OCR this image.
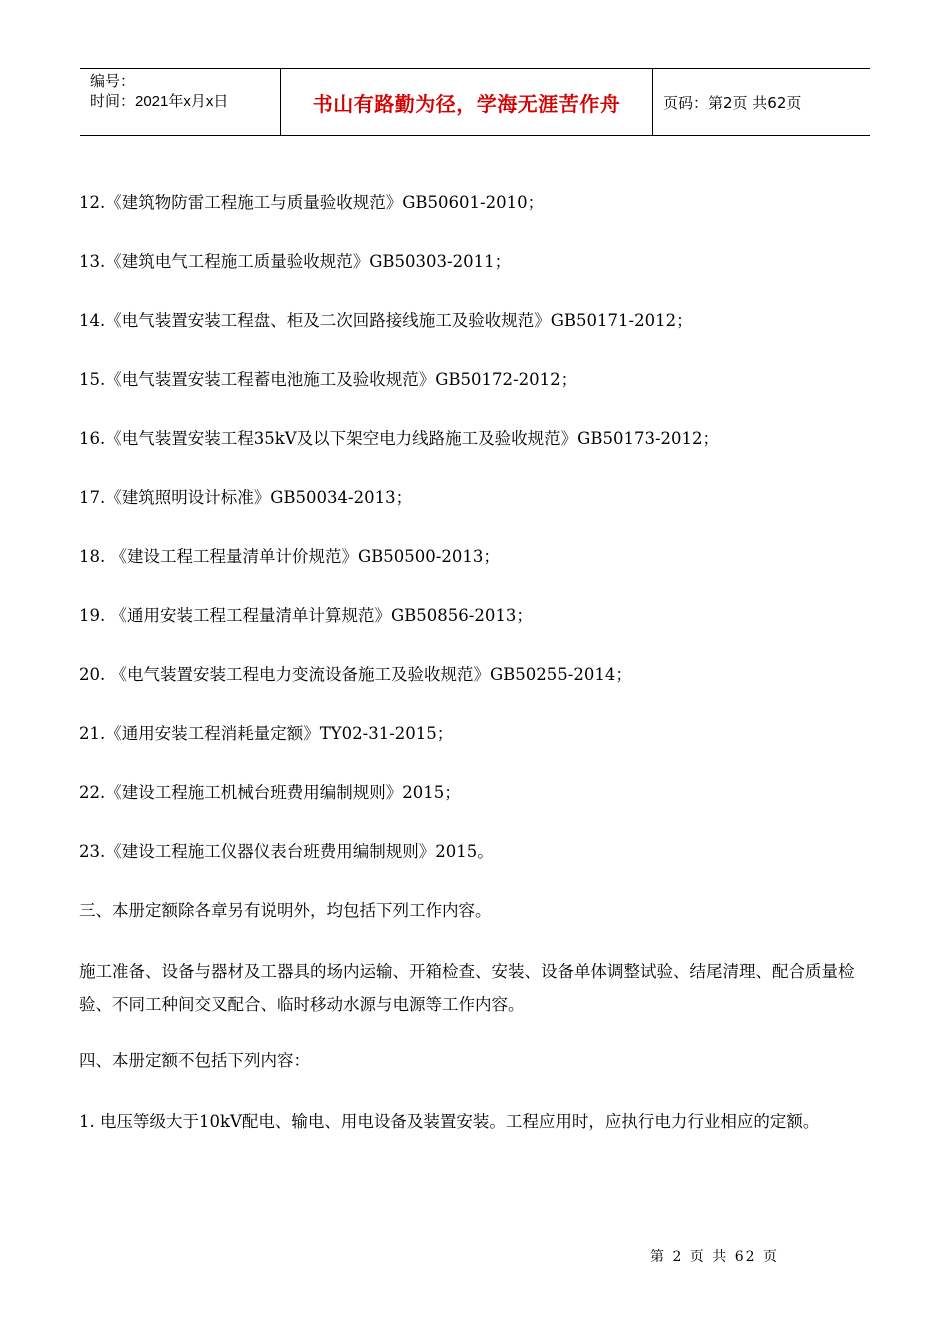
编号：
时间：2021年x月x日	书山有路勤为径，学海无涯苦作舟	页码：第2页 共62页

12.《建筑物防雷工程施工与质量验收规范》GB50601-2010；

13.《建筑电气工程施工质量验收规范》GB50303-2011；

14.《电气装置安装工程盘、柜及二次回路接线施工及验收规范》GB50171-2012；

15.《电气装置安装工程蓄电池施工及验收规范》GB50172-2012；

16.《电气装置安装工程35kV及以下架空电力线路施工及验收规范》GB50173-2012；

17.《建筑照明设计标准》GB50034-2013；

18. 《建设工程工程量清单计价规范》GB50500-2013；

19. 《通用安装工程工程量清单计算规范》GB50856-2013；

20. 《电气装置安装工程电力变流设备施工及验收规范》GB50255-2014；

21.《通用安装工程消耗量定额》TY02-31-2015；

22.《建设工程施工机械台班费用编制规则》2015；

23.《建设工程施工仪器仪表台班费用编制规则》2015。

三、本册定额除各章另有说明外，均包括下列工作内容。

施工准备、设备与器材及工器具的场内运输、开箱检查、安装、设备单体调整试验、结尾清理、配合质量检验、不同工种间交叉配合、临时移动水源与电源等工作内容。

四、本册定额不包括下列内容：

1. 电压等级大于10kV配电、输电、用电设备及装置安装。工程应用时，应执行电力行业相应的定额。

第 2 页 共 62 页
